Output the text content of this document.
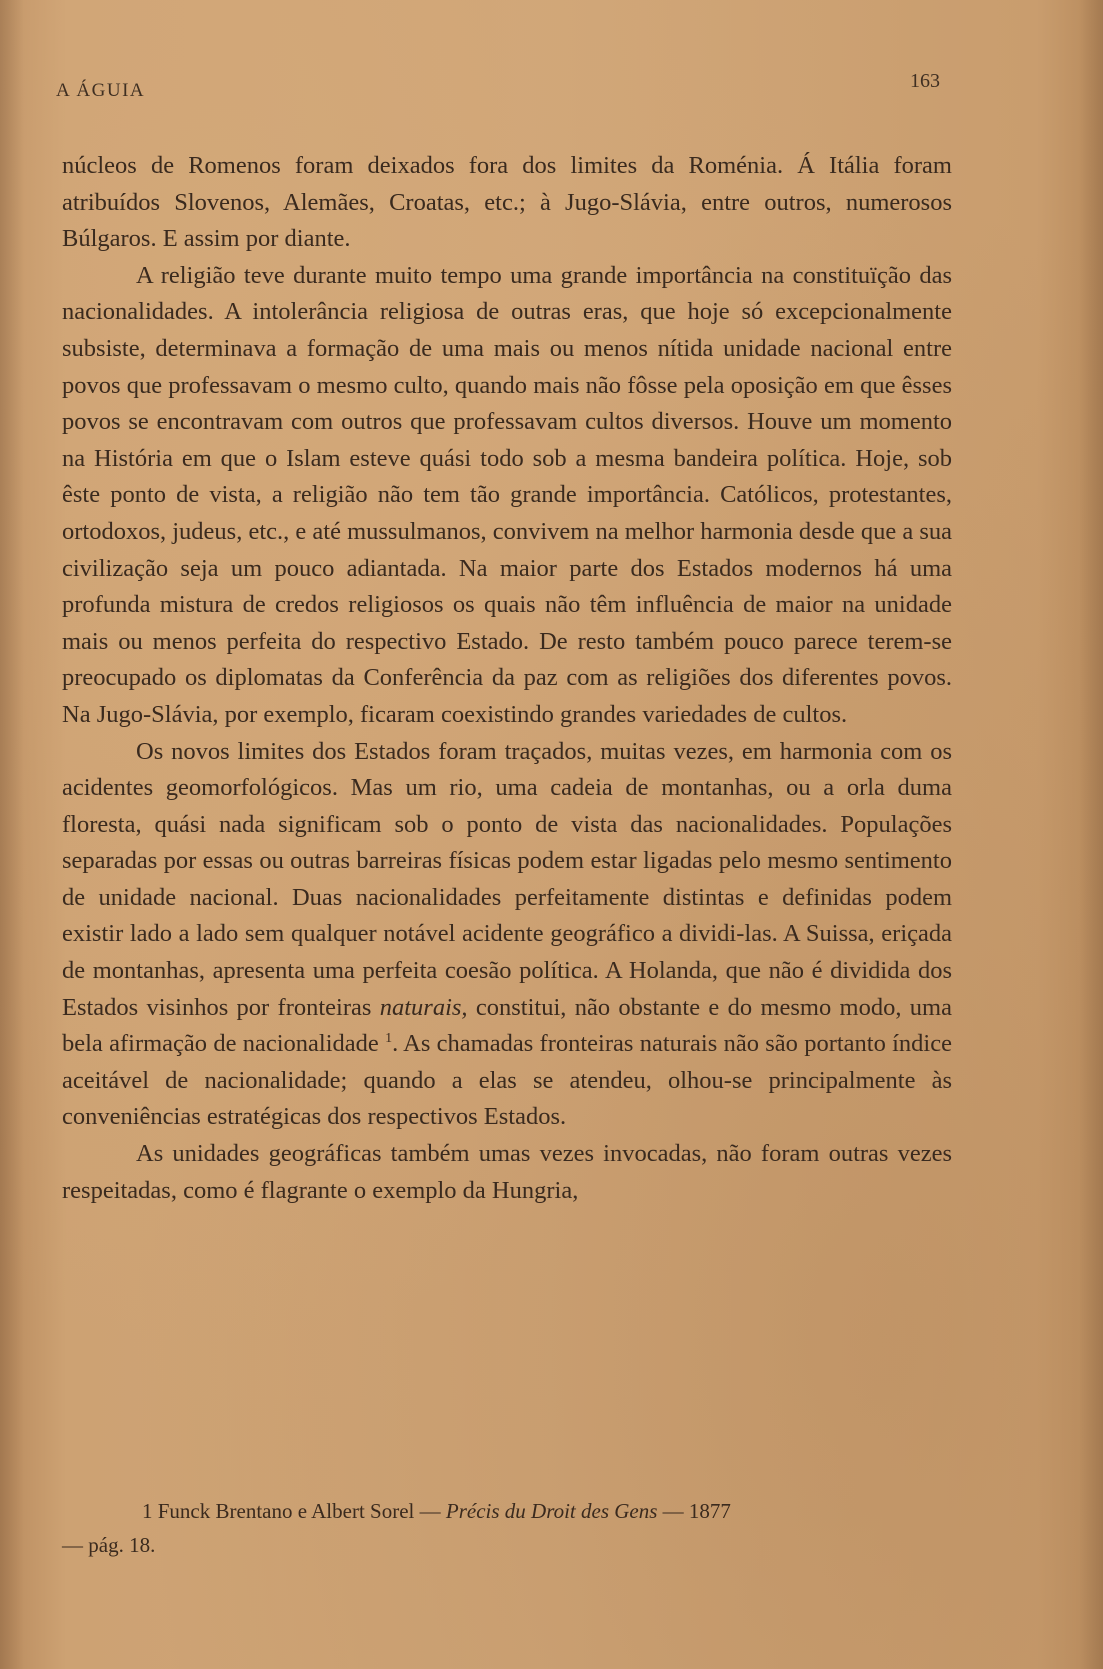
A ÁGUIA	163

núcleos de Romenos foram deixados fora dos limites da Roménia. Á Itália foram atribuídos Slovenos, Alemães, Croatas, etc.; à Jugo-Slávia, entre outros, numerosos Búlgaros. E assim por diante.

A religião teve durante muito tempo uma grande importância na constituïção das nacionalidades. A intolerância religiosa de outras eras, que hoje só excepcionalmente subsiste, determinava a formação de uma mais ou menos nítida unidade nacional entre povos que professavam o mesmo culto, quando mais não fôsse pela oposição em que êsses povos se encontravam com outros que professavam cultos diversos. Houve um momento na História em que o Islam esteve quási todo sob a mesma bandeira política. Hoje, sob êste ponto de vista, a religião não tem tão grande importância. Católicos, protestantes, ortodoxos, judeus, etc., e até mussulmanos, convivem na melhor harmonia desde que a sua civilização seja um pouco adiantada. Na maior parte dos Estados modernos há uma profunda mistura de credos religiosos os quais não têm influência de maior na unidade mais ou menos perfeita do respectivo Estado. De resto também pouco parece terem-se preocupado os diplomatas da Conferência da paz com as religiões dos diferentes povos. Na Jugo-Slávia, por exemplo, ficaram coexistindo grandes variedades de cultos.

Os novos limites dos Estados foram traçados, muitas vezes, em harmonia com os acidentes geomorfológicos. Mas um rio, uma cadeia de montanhas, ou a orla duma floresta, quási nada significam sob o ponto de vista das nacionalidades. Populações separadas por essas ou outras barreiras físicas podem estar ligadas pelo mesmo sentimento de unidade nacional. Duas nacionalidades perfeitamente distintas e definidas podem existir lado a lado sem qualquer notável acidente geográfico a dividi-las. A Suissa, eriçada de montanhas, apresenta uma perfeita coesão política. A Holanda, que não é dividida dos Estados visinhos por fronteiras naturais, constitui, não obstante e do mesmo modo, uma bela afirmação de nacionalidade $^1$. As chamadas fronteiras naturais não são portanto índice aceitável de nacionalidade; quando a elas se atendeu, olhou-se principalmente às conveniências estratégicas dos respectivos Estados.

As unidades geográficas também umas vezes invocadas, não foram outras vezes respeitadas, como é flagrante o exemplo da Hungria,

1 Funck Brentano e Albert Sorel — Précis du Droit des Gens — 1877
— pág. 18.
